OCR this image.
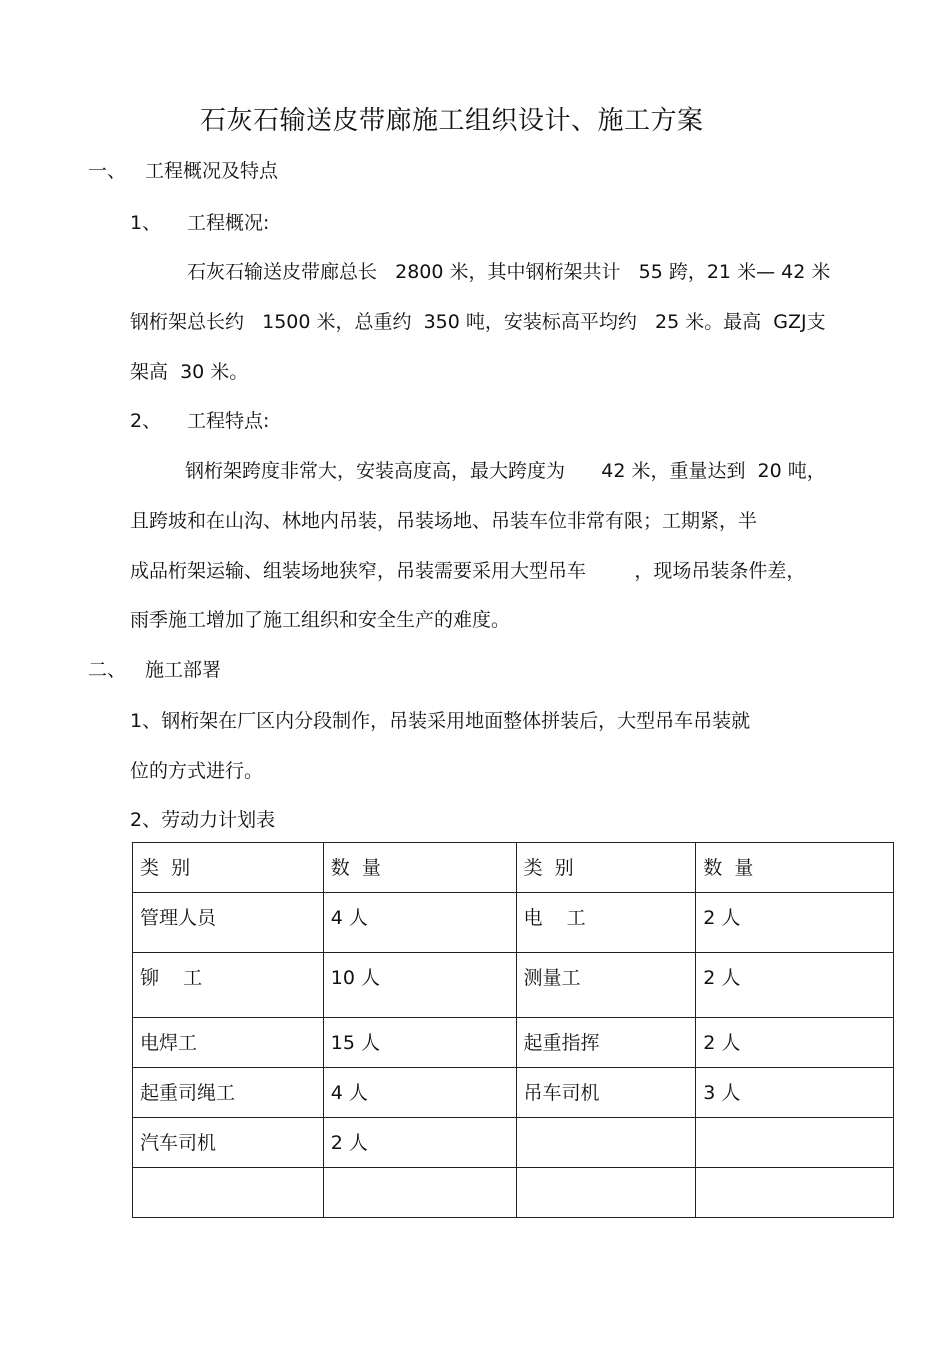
石灰石输送皮带廊施工组织设计、施工方案
一、 工程概况及特点
1、 工程概况:
石灰石输送皮带廊总长   2800 米，其中钢桁架共计   55 跨，21 米— 42 米
钢桁架总长约   1500 米，总重约  350 吨，安装标高平均约   25 米。最高  GZJ支
架高  30 米。
2、 工程特点:
钢桁架跨度非常大，安装高度高，最大跨度为      42 米，重量达到  20 吨，
且跨坡和在山沟、林地内吊装，吊装场地、吊装车位非常有限；工期紧，半
成品桁架运输、组装场地狭窄，吊装需要采用大型吊车        ，现场吊装条件差，
雨季施工增加了施工组织和安全生产的难度。
二、 施工部署
1、钢桁架在厂区内分段制作，吊装采用地面整体拼装后，大型吊车吊装就
位的方式进行。
2、劳动力计划表
类  别	数  量	类  别	数  量
管理人员	4 人	电    工	2 人
铆    工	10 人	测量工	2 人
电焊工	15 人	起重指挥	2 人
起重司绳工	4 人	吊车司机	3 人
汽车司机	2 人		
